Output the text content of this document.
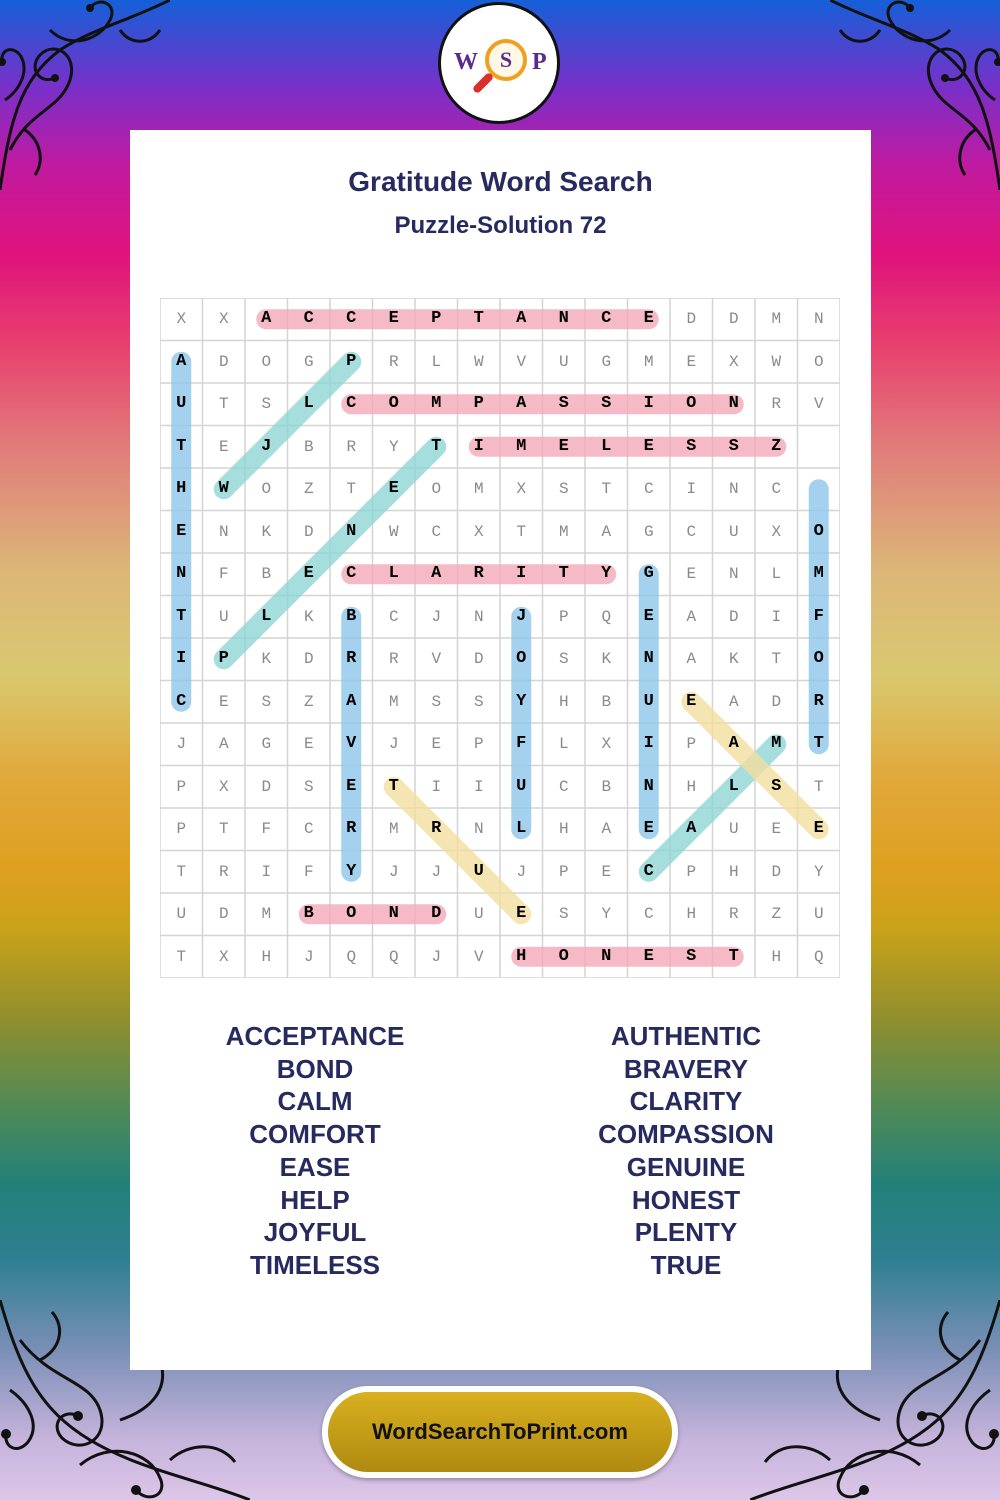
W S P
Gratitude Word Search
Puzzle-Solution 72
X	X	A	C	C	E	P	T	A	N	C	E	D	D	M	N
A	D	O	G	P	R	L	W	V	U	G	M	E	X	W	O
U	T	S	L	C	O	M	P	A	S	S	I	O	N	R	V
T	E	J	B	R	Y	T	I	M	E	L	E	S	S	Z
H	W	O	Z	T	E	O	M	X	S	T	C	I	N	C
E	N	K	D	N	W	C	X	T	M	A	G	C	U	X	O
N	F	B	E	C	L	A	R	I	T	Y	G	E	N	L	M
T	U	L	K	B	C	J	N	J	P	Q	E	A	D	I	F
I	P	K	D	R	R	V	D	O	S	K	N	A	K	T	O
C	E	S	Z	A	M	S	S	Y	H	B	U	E	A	D	R
J	A	G	E	V	J	E	P	F	L	X	I	P	A	M	T
P	X	D	S	E	T	I	I	U	C	B	N	H	L	S	T
P	T	F	C	R	M	R	N	L	H	A	E	A	U	E	E
T	R	I	F	Y	J	J	U	J	P	E	C	P	H	D	Y
U	D	M	B	O	N	D	U	E	S	Y	C	H	R	Z	U
T	X	H	J	Q	Q	J	V	H	O	N	E	S	T	H	Q
ACCEPTANCE
BOND
CALM
COMFORT
EASE
HELP
JOYFUL
TIMELESS
AUTHENTIC
BRAVERY
CLARITY
COMPASSION
GENUINE
HONEST
PLENTY
TRUE
WordSearchToPrint.com
